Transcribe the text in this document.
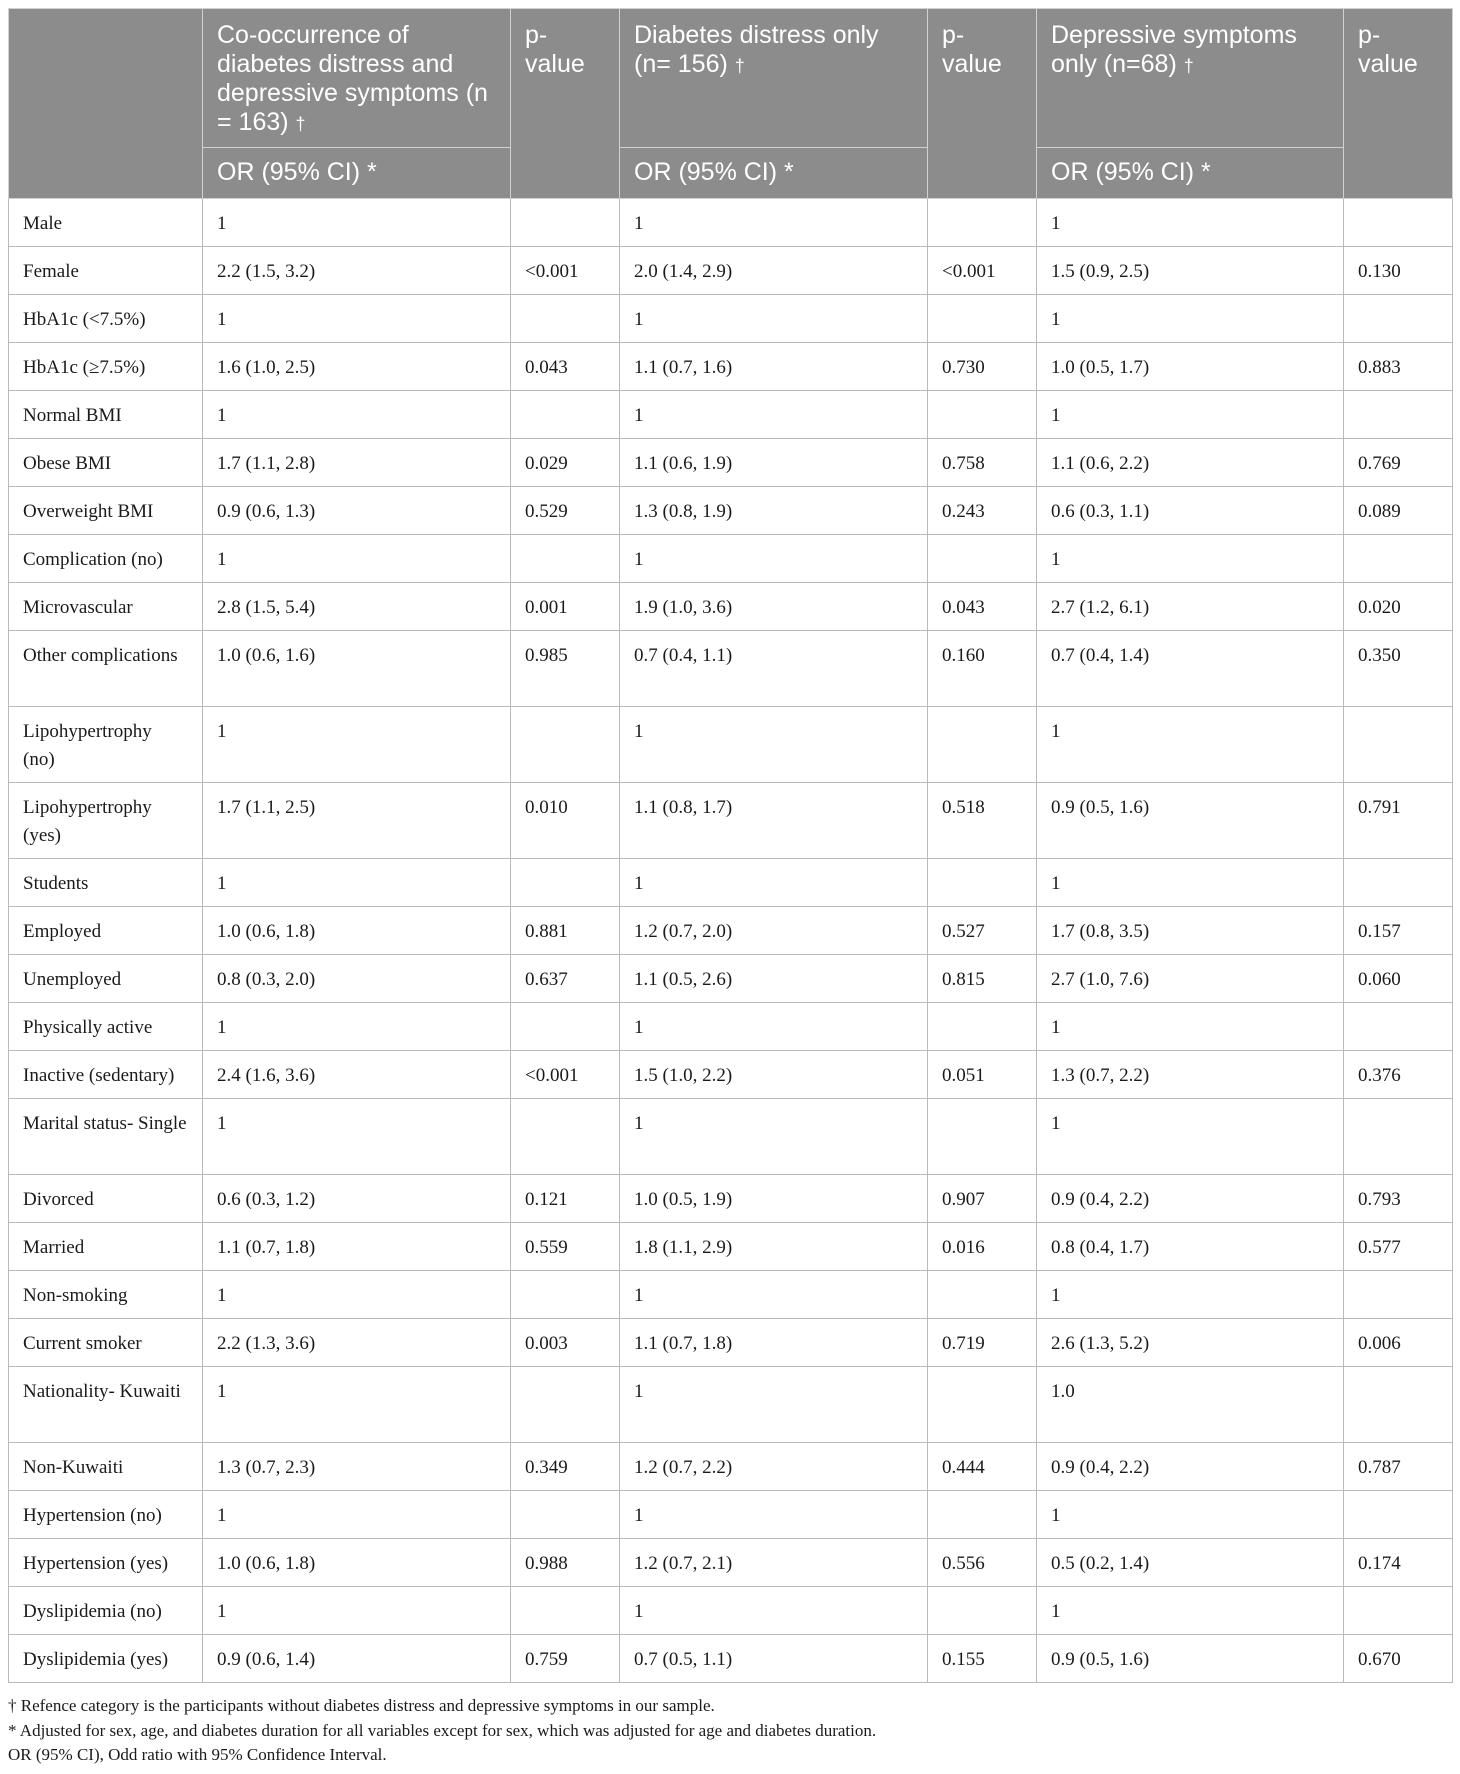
	Co-occurrence of diabetes distress and depressive symptoms (n = 163) †	p-value	Diabetes distress only (n= 156) †	p-value	Depressive symptoms only (n=68) †	p-value
	OR (95% CI) *		OR (95% CI) *		OR (95% CI) *	
Male	1		1		1	
Female	2.2 (1.5, 3.2)	<0.001	2.0 (1.4, 2.9)	<0.001	1.5 (0.9, 2.5)	0.130
HbA1c (<7.5%)	1		1		1	
HbA1c (≥7.5%)	1.6 (1.0, 2.5)	0.043	1.1 (0.7, 1.6)	0.730	1.0 (0.5, 1.7)	0.883
Normal BMI	1		1		1	
Obese BMI	1.7 (1.1, 2.8)	0.029	1.1 (0.6, 1.9)	0.758	1.1 (0.6, 2.2)	0.769
Overweight BMI	0.9 (0.6, 1.3)	0.529	1.3 (0.8, 1.9)	0.243	0.6 (0.3, 1.1)	0.089
Complication (no)	1		1		1	
Microvascular	2.8 (1.5, 5.4)	0.001	1.9 (1.0, 3.6)	0.043	2.7 (1.2, 6.1)	0.020
Other complications	1.0 (0.6, 1.6)	0.985	0.7 (0.4, 1.1)	0.160	0.7 (0.4, 1.4)	0.350
Lipohypertrophy (no)	1		1		1	
Lipohypertrophy (yes)	1.7 (1.1, 2.5)	0.010	1.1 (0.8, 1.7)	0.518	0.9 (0.5, 1.6)	0.791
Students	1		1		1	
Employed	1.0 (0.6, 1.8)	0.881	1.2 (0.7, 2.0)	0.527	1.7 (0.8, 3.5)	0.157
Unemployed	0.8 (0.3, 2.0)	0.637	1.1 (0.5, 2.6)	0.815	2.7 (1.0, 7.6)	0.060
Physically active	1		1		1	
Inactive (sedentary)	2.4 (1.6, 3.6)	<0.001	1.5 (1.0, 2.2)	0.051	1.3 (0.7, 2.2)	0.376
Marital status- Single	1		1		1	
Divorced	0.6 (0.3, 1.2)	0.121	1.0 (0.5, 1.9)	0.907	0.9 (0.4, 2.2)	0.793
Married	1.1 (0.7, 1.8)	0.559	1.8 (1.1, 2.9)	0.016	0.8 (0.4, 1.7)	0.577
Non-smoking	1		1		1	
Current smoker	2.2 (1.3, 3.6)	0.003	1.1 (0.7, 1.8)	0.719	2.6 (1.3, 5.2)	0.006
Nationality- Kuwaiti	1		1		1.0	
Non-Kuwaiti	1.3 (0.7, 2.3)	0.349	1.2 (0.7, 2.2)	0.444	0.9 (0.4, 2.2)	0.787
Hypertension (no)	1		1		1	
Hypertension (yes)	1.0 (0.6, 1.8)	0.988	1.2 (0.7, 2.1)	0.556	0.5 (0.2, 1.4)	0.174
Dyslipidemia (no)	1		1		1	
Dyslipidemia (yes)	0.9 (0.6, 1.4)	0.759	0.7 (0.5, 1.1)	0.155	0.9 (0.5, 1.6)	0.670

† Refence category is the participants without diabetes distress and depressive symptoms in our sample.

* Adjusted for sex, age, and diabetes duration for all variables except for sex, which was adjusted for age and diabetes duration.

OR (95% CI), Odd ratio with 95% Confidence Interval.
